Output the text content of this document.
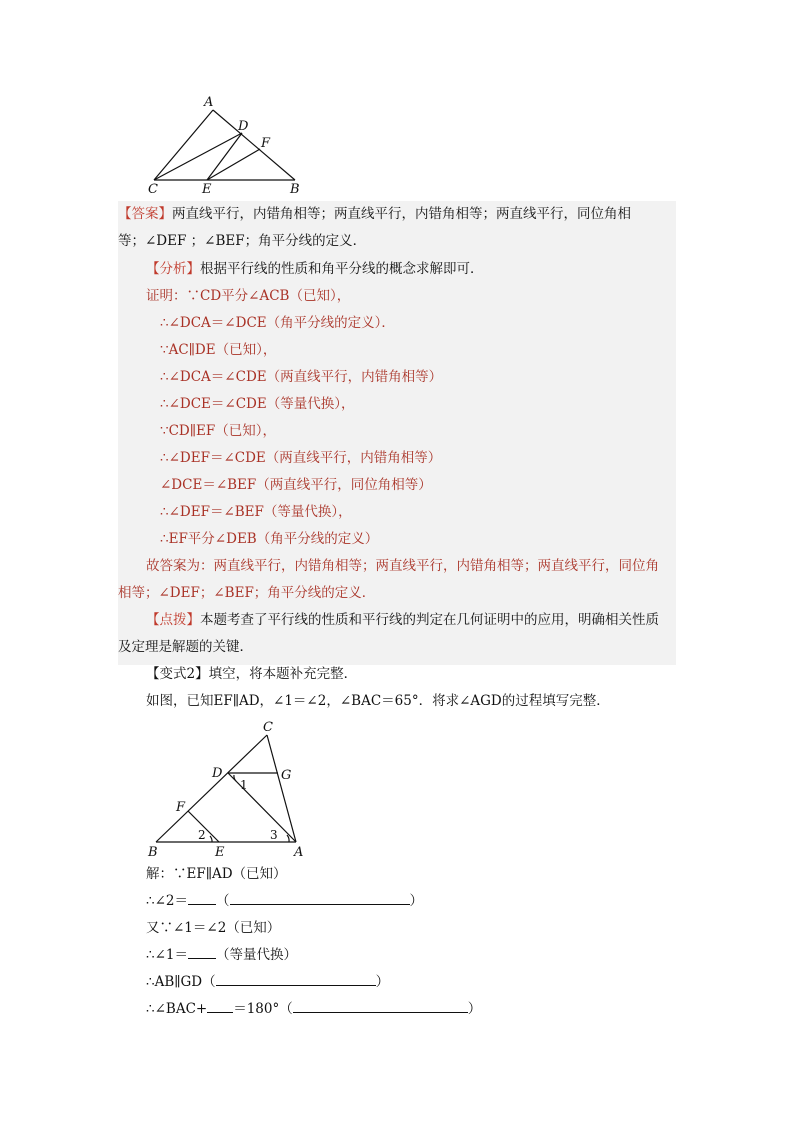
A
D
F
C	E	B
【答案】两直线平行，内错角相等；两直线平行，内错角相等；两直线平行，同位角相
等；∠DEF ；∠BEF；角平分线的定义．
【分析】根据平行线的性质和角平分线的概念求解即可．
证明：∵CD平分∠ACB（已知），
∴∠DCA＝∠DCE（角平分线的定义）．
∵AC∥DE（已知），
∴∠DCA＝∠CDE（两直线平行，内错角相等）
∴∠DCE＝∠CDE（等量代换），
∵CD∥EF（已知），
∴∠DEF＝∠CDE（两直线平行，内错角相等）
∠DCE＝∠BEF（两直线平行，同位角相等）
∴∠DEF＝∠BEF（等量代换），
∴EF平分∠DEB（角平分线的定义）
故答案为：两直线平行，内错角相等；两直线平行，内错角相等；两直线平行，同位角
相等；∠DEF；∠BEF；角平分线的定义．
【点拨】本题考查了平行线的性质和平行线的判定在几何证明中的应用，明确相关性质
及定理是解题的关键．
【变式2】填空，将本题补充完整．
如图，已知EF∥AD，∠1＝∠2，∠BAC＝65°．将求∠AGD的过程填写完整．
C
D	G
F
B	E	A
1
2	3
解：∵EF∥AD（已知）
∴∠2＝ （	）
又∵∠1＝∠2（已知）
∴∠1＝ （等量代换）
∴AB∥GD（	）
∴∠BAC+ ＝180°（	）
